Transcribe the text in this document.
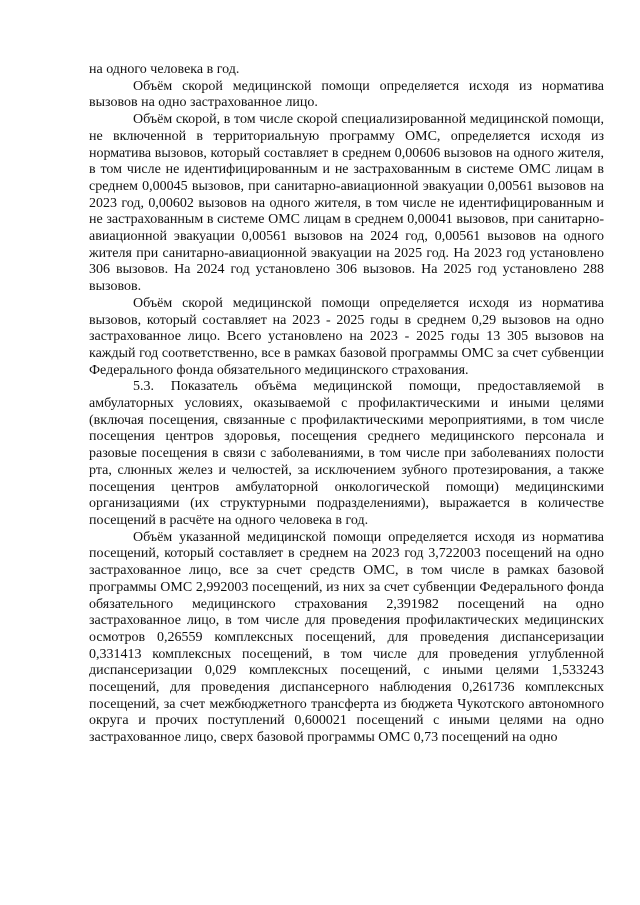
на одного человека в год.

Объём скорой медицинской помощи определяется исходя из норматива вызовов на одно застрахованное лицо.

Объём скорой, в том числе скорой специализированной медицинской помощи, не включенной в территориальную программу ОМС, определяется исходя из норматива вызовов, который составляет в среднем 0,00606 вызовов на одного жителя, в том числе не идентифицированным и не застрахованным в системе ОМС лицам в среднем 0,00045 вызовов, при санитарно-авиационной эвакуации 0,00561 вызовов на 2023 год, 0,00602 вызовов на одного жителя, в том числе не идентифицированным и не застрахованным в системе ОМС лицам в среднем 0,00041 вызовов, при санитарно-авиационной эвакуации 0,00561 вызовов на 2024 год, 0,00561 вызовов на одного жителя при санитарно-авиационной эвакуации на 2025 год. На 2023 год установлено 306 вызовов. На 2024 год установлено 306 вызовов. На 2025 год установлено 288 вызовов.

Объём скорой медицинской помощи определяется исходя из норматива вызовов, который составляет на 2023 - 2025 годы в среднем 0,29 вызовов на одно застрахованное лицо. Всего установлено на 2023 - 2025 годы 13 305 вызовов на каждый год соответственно, все в рамках базовой программы ОМС за счет субвенции Федерального фонда обязательного медицинского страхования.

5.3. Показатель объёма медицинской помощи, предоставляемой в амбулаторных условиях, оказываемой с профилактическими и иными целями (включая посещения, связанные с профилактическими мероприятиями, в том числе посещения центров здоровья, посещения среднего медицинского персонала и разовые посещения в связи с заболеваниями, в том числе при заболеваниях полости рта, слюнных желез и челюстей, за исключением зубного протезирования, а также посещения центров амбулаторной онкологической помощи) медицинскими организациями (их структурными подразделениями), выражается в количестве посещений в расчёте на одного человека в год.

Объём указанной медицинской помощи определяется исходя из норматива посещений, который составляет в среднем на 2023 год 3,722003 посещений на одно застрахованное лицо, все за счет средств ОМС, в том числе в рамках базовой программы ОМС 2,992003 посещений, из них за счет субвенции Федерального фонда обязательного медицинского страхования 2,391982 посещений на одно застрахованное лицо, в том числе для проведения профилактических медицинских осмотров 0,26559 комплексных посещений, для проведения диспансеризации 0,331413 комплексных посещений, в том числе для проведения углубленной диспансеризации 0,029 комплексных посещений, с иными целями 1,533243 посещений, для проведения диспансерного наблюдения 0,261736 комплексных посещений, за счет межбюджетного трансферта из бюджета Чукотского автономного округа и прочих поступлений 0,600021 посещений с иными целями на одно застрахованное лицо, сверх базовой программы ОМС 0,73 посещений на одно
